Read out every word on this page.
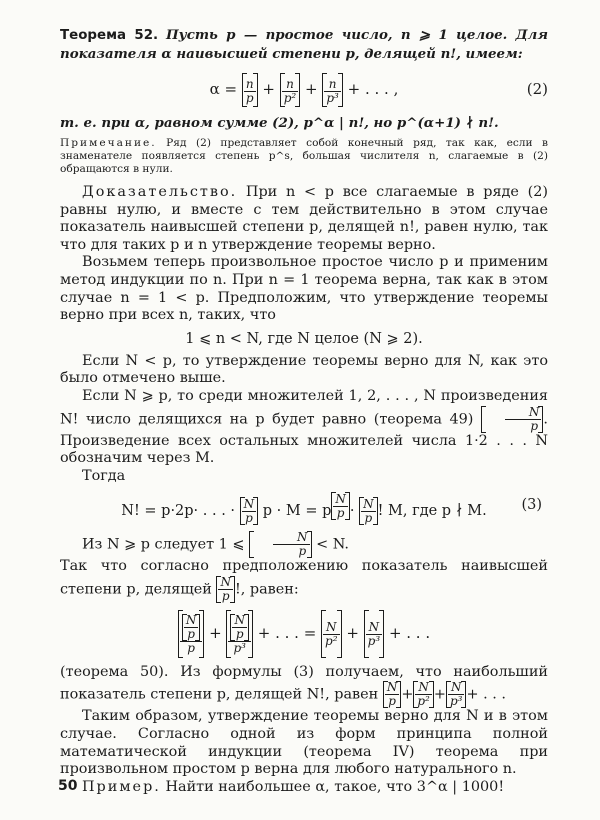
Теорема 52. Пусть p — простое число, n ⩾ 1 целое. Для показателя α наивысшей степени p, делящей n!, имеем:

$\alpha = \frac{n}{p} + \frac{n}{\text{p²}} + \frac{n}{\text{p³}}$ + . . . ,	(2)

т. е. при α, равном сумме (2), p^α | n!, но p^(α+1) ∤ n!.

Примечание. Ряд (2) представляет собой конечный ряд, так как, если в знаменателе появляется степень p^s, большая числителя n, слагаемые в (2) обращаются в нули.

Доказательство. При n < p все слагаемые в ряде (2) равны нулю, и вместе с тем действительно в этом случае показатель наивысшей степени p, делящей n!, равен нулю, так что для таких p и n утверждение теоремы верно.

Возьмем теперь произвольное простое число p и применим метод индукции по n. При n = 1 теорема верна, так как в этом случае n = 1 < p. Предположим, что утверждение теоремы верно при всех n, таких, что

1 ⩽ n < N, где N целое (N ⩾ 2).

Если N < p, то утверждение теоремы верно для N, как это было отмечено выше.

Если N ⩾ p, то среди множителей 1, 2, . . . , N произведения N! число делящихся на p будет равно (теорема 49)	$\frac{N}{p}$ . Произведение всех остальных множителей числа 1·2 . . . N обозначим через M.

Тогда

N! = p·2p· . . . · $\frac{N}{p}$ p · M = p $^{\frac{N}{p}} \cdot \frac{N}{p}$ ! M, где p ∤ M. (3)

Из N ⩾ p следует 1 ⩽ $\frac{N}{p} < N$.

Так что согласно предположению показатель наивысшей степени p, делящей $\frac{N}{p}$ !, равен:

$\frac{\frac{N}{p}}{p} + \frac{\frac{N}{p}}{\text{p³}}$ + . . . = $\frac{N}{\text{p²}} + \frac{N}{\text{p³}}$ + . . .

(теорема 50). Из формулы (3) получаем, что наибольший показатель степени p, делящей N!, равен $\frac{N}{p} + \frac{N}{\text{p²}} + \frac{N}{\text{p³}}$ + . . .

Таким образом, утверждение теоремы верно для N и в этом случае. Согласно одной из форм принципа полной математической индукции (теорема IV) теорема при произвольном простом p верна для любого натурального n.

Пример. Найти наибольшее α, такое, что 3^α | 1000!

50
